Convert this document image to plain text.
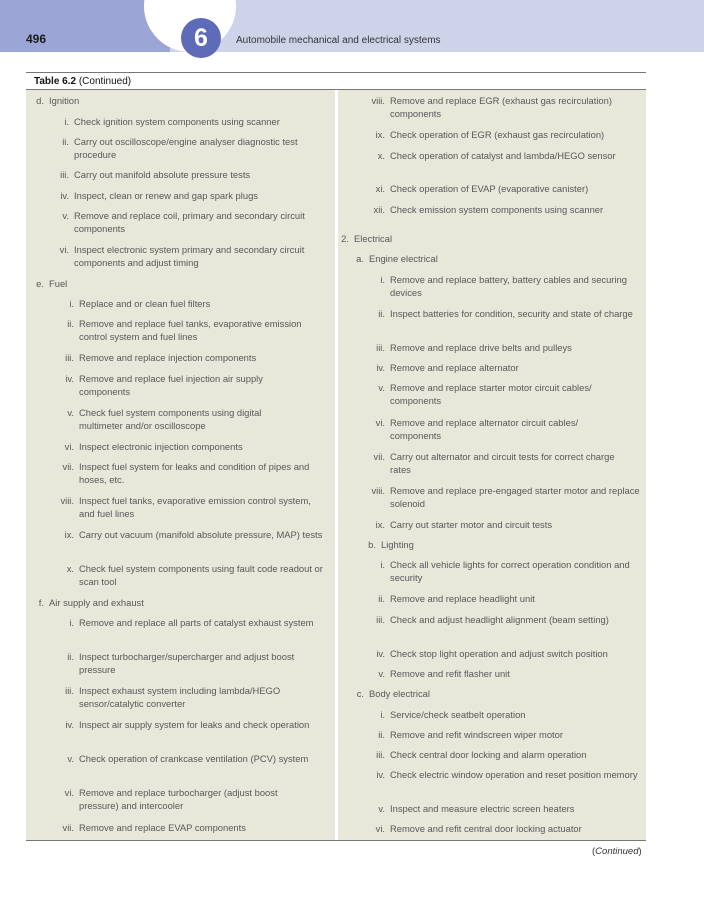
6
496	Automobile mechanical and electrical systems
Table 6.2 (Continued)
d. Ignition
i. Check ignition system components using scanner
ii. Carry out oscilloscope/engine analyser diagnostic test procedure
iii. Carry out manifold absolute pressure tests
iv. Inspect, clean or renew and gap spark plugs
v. Remove and replace coil, primary and secondary circuit components
vi. Inspect electronic system primary and secondary circuit components and adjust timing
e. Fuel
i. Replace and or clean fuel filters
ii. Remove and replace fuel tanks, evaporative emission control system and fuel lines
iii. Remove and replace injection components
iv. Remove and replace fuel injection air supply components
v. Check fuel system components using digital multimeter and/or oscilloscope
vi. Inspect electronic injection components
vii. Inspect fuel system for leaks and condition of pipes and hoses, etc.
viii. Inspect fuel tanks, evaporative emission control system, and fuel lines
ix. Carry out vacuum (manifold absolute pressure, MAP) tests
x. Check fuel system components using fault code readout or scan tool
f. Air supply and exhaust
i. Remove and replace all parts of catalyst exhaust system
ii. Inspect turbocharger/supercharger and adjust boost pressure
iii. Inspect exhaust system including lambda/HEGO sensor/catalytic converter
iv. Inspect air supply system for leaks and check operation
v. Check operation of crankcase ventilation (PCV) system
vi. Remove and replace turbocharger (adjust boost pressure) and intercooler
vii. Remove and replace EVAP components
viii. Remove and replace EGR (exhaust gas recirculation) components
ix. Check operation of EGR (exhaust gas recirculation)
x. Check operation of catalyst and lambda/HEGO sensor
xi. Check operation of EVAP (evaporative canister)
xii. Check emission system components using scanner
2. Electrical
a. Engine electrical
i. Remove and replace battery, battery cables and securing devices
ii. Inspect batteries for condition, security and state of charge
iii. Remove and replace drive belts and pulleys
iv. Remove and replace alternator
v. Remove and replace starter motor circuit cables/ components
vi. Remove and replace alternator circuit cables/ components
vii. Carry out alternator and circuit tests for correct charge rates
viii. Remove and replace pre-engaged starter motor and replace solenoid
ix. Carry out starter motor and circuit tests
b. Lighting
i. Check all vehicle lights for correct operation condition and security
ii. Remove and replace headlight unit
iii. Check and adjust headlight alignment (beam setting)
iv. Check stop light operation and adjust switch position
v. Remove and refit flasher unit
c. Body electrical
i. Service/check seatbelt operation
ii. Remove and refit windscreen wiper motor
iii. Check central door locking and alarm operation
iv. Check electric window operation and reset position memory
v. Inspect and measure electric screen heaters
vi. Remove and refit central door locking actuator
(Continued)
